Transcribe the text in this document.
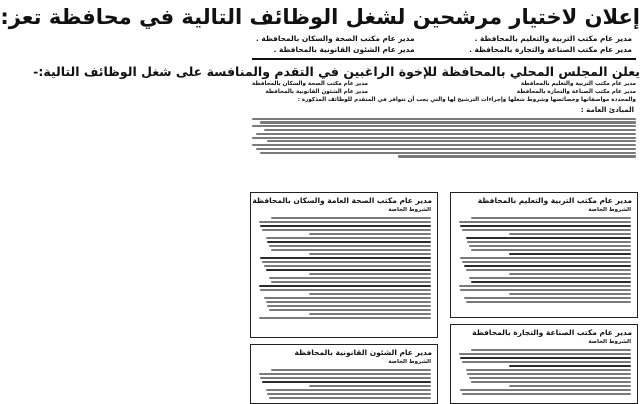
إعلان لاختيار مرشحين لشغل الوظائف التالية في محافظة تعز:
مدير عام مكتب التربية والتعليم بالمحافظة .
مدير عام مكتب الصناعة والتجارة بالمحافظة .
مدير عام مكتب الصحة والسكان بالمحافظة .
مدير عام الشئون القانونية بالمحافظة .
يعلن المجلس المحلي بالمحافظة للإخوة الراغبين في التقدم والمنافسة على شغل الوظائف التالية:-
مدير عام مكتب التربية والتعليم بالمحافظة
مدير عام مكتب الصناعة والتجارة بالمحافظة
مدير عام مكتب الصحة والسكان بالمحافظة
مدير عام الشئون القانونية بالمحافظة
والمحددة مواصفاتها وخصائصها وشروط شغلها وإجراءات الترشيح لها والتي يجب أن تتوافر في المتقدم للوظائف المذكورة :
المبادئ العامة :
مدير عام مكتب التربية والتعليم بالمحافظة
الشروط الخاصة
مدير عام مكتب الصحة العامة والسكان بالمحافظة
الشروط الخاصة
مدير عام مكتب الصناعة والتجارة بالمحافظة
الشروط الخاصة
مدير عام الشئون القانونية بالمحافظة
الشروط الخاصة
